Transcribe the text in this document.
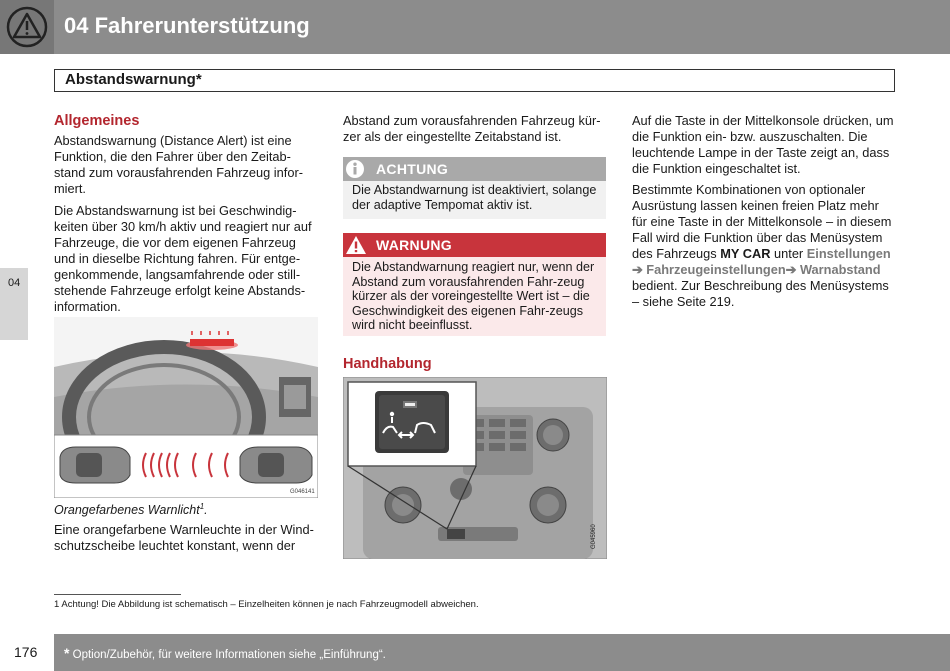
04 Fahrerunterstützung
Abstandswarnung*
04
Allgemeines
Abstandswarnung (Distance Alert) ist eine Funktion, die den Fahrer über den Zeitab-stand zum vorausfahrenden Fahrzeug infor-miert.
Die Abstandswarnung ist bei Geschwindig-keiten über 30 km/h aktiv und reagiert nur auf Fahrzeuge, die vor dem eigenen Fahrzeug und in dieselbe Richtung fahren. Für entge-genkommende, langsamfahrende oder still-stehende Fahrzeuge erfolgt keine Abstands-information.
G046141
Orangefarbenes Warnlicht$^1$.
Eine orangefarbene Warnleuchte in der Wind-schutzscheibe leuchtet konstant, wenn der
Abstand zum vorausfahrenden Fahrzeug kür-zer als der eingestellte Zeitabstand ist.
ACHTUNG
Die Abstandwarnung ist deaktiviert, solange der adaptive Tempomat aktiv ist.
WARNUNG
Die Abstandwarnung reagiert nur, wenn der Abstand zum vorausfahrenden Fahr-zeug kürzer als der voreingestellte Wert ist – die Geschwindigkeit des eigenen Fahr-zeugs wird nicht beeinflusst.
Handhabung
G045960
Auf die Taste in der Mittelkonsole drücken, um die Funktion ein- bzw. auszuschalten. Die leuchtende Lampe in der Taste zeigt an, dass die Funktion eingeschaltet ist.
Bestimmte Kombinationen von optionaler Ausrüstung lassen keinen freien Platz mehr für eine Taste in der Mittelkonsole – in diesem Fall wird die Funktion über das Menüsystem des Fahrzeugs MY CAR unter Einstellungen
➔ Fahrzeugeinstellungen➔ Warnabstand bedient. Zur Beschreibung des Menüsystems – siehe Seite 219.
1 Achtung! Die Abbildung ist schematisch – Einzelheiten können je nach Fahrzeugmodell abweichen.
176 * Option/Zubehör, für weitere Informationen siehe „Einführung“.
